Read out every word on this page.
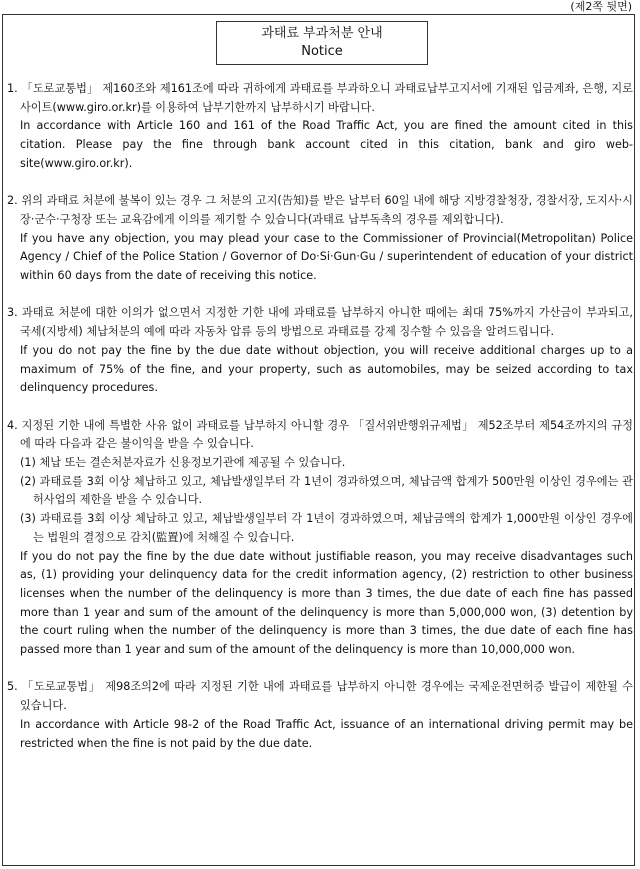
(제2쪽 뒷면)
과태료 부과처분 안내
Notice

1. 「도로교통법」 제160조와 제161조에 따라 귀하에게 과태료를 부과하오니 과태료납부고지서에 기재된 입금계좌, 은행, 지로사이트(www.giro.or.kr)를 이용하여 납부기한까지 납부하시기 바랍니다.

In accordance with Article 160 and 161 of the Road Traffic Act, you are fined the amount cited in this citation. Please pay the fine through bank account cited in this citation, bank and giro web-site(www.giro.or.kr).

2. 위의 과태료 처분에 불복이 있는 경우 그 처분의 고지(告知)를 받은 날부터 60일 내에 해당 지방경찰청장, 경찰서장, 도지사·시장·군수·구청장 또는 교육감에게 이의를 제기할 수 있습니다(과태료 납부독촉의 경우를 제외합니다).

If you have any objection, you may plead your case to the Commissioner of Provincial(Metropolitan) Police Agency / Chief of the Police Station / Governor of Do·Si·Gun·Gu / superintendent of education of your district within 60 days from the date of receiving this notice.

3. 과태료 처분에 대한 이의가 없으면서 지정한 기한 내에 과태료를 납부하지 아니한 때에는 최대 75%까지 가산금이 부과되고, 국세(지방세) 체납처분의 예에 따라 자동차 압류 등의 방법으로 과태료를 강제 징수할 수 있음을 알려드립니다.

If you do not pay the fine by the due date without objection, you will receive additional charges up to a maximum of 75% of the fine, and your property, such as automobiles, may be seized according to tax delinquency procedures.

4. 지정된 기한 내에 특별한 사유 없이 과태료를 납부하지 아니할 경우 「질서위반행위규제법」 제52조부터 제54조까지의 규정에 따라 다음과 같은 불이익을 받을 수 있습니다.

(1) 체납 또는 결손처분자료가 신용정보기관에 제공될 수 있습니다.

(2) 과태료를 3회 이상 체납하고 있고, 체납발생일부터 각 1년이 경과하였으며, 체납금액 합계가 500만원 이상인 경우에는 관허사업의 제한을 받을 수 있습니다.

(3) 과태료를 3회 이상 체납하고 있고, 체납발생일부터 각 1년이 경과하였으며, 체납금액의 합계가 1,000만원 이상인 경우에는 법원의 결정으로 감치(監置)에 처해질 수 있습니다.

If you do not pay the fine by the due date without justifiable reason, you may receive disadvantages such as, (1) providing your delinquency data for the credit information agency, (2) restriction to other business licenses when the number of the delinquency is more than 3 times, the due date of each fine has passed more than 1 year and sum of the amount of the delinquency is more than 5,000,000 won, (3) detention by the court ruling when the number of the delinquency is more than 3 times, the due date of each fine has passed more than 1 year and sum of the amount of the delinquency is more than 10,000,000 won.

5. 「도로교통법」 제98조의2에 따라 지정된 기한 내에 과태료를 납부하지 아니한 경우에는 국제운전면허증 발급이 제한될 수 있습니다.

In accordance with Article 98-2 of the Road Traffic Act, issuance of an international driving permit may be restricted when the fine is not paid by the due date.
